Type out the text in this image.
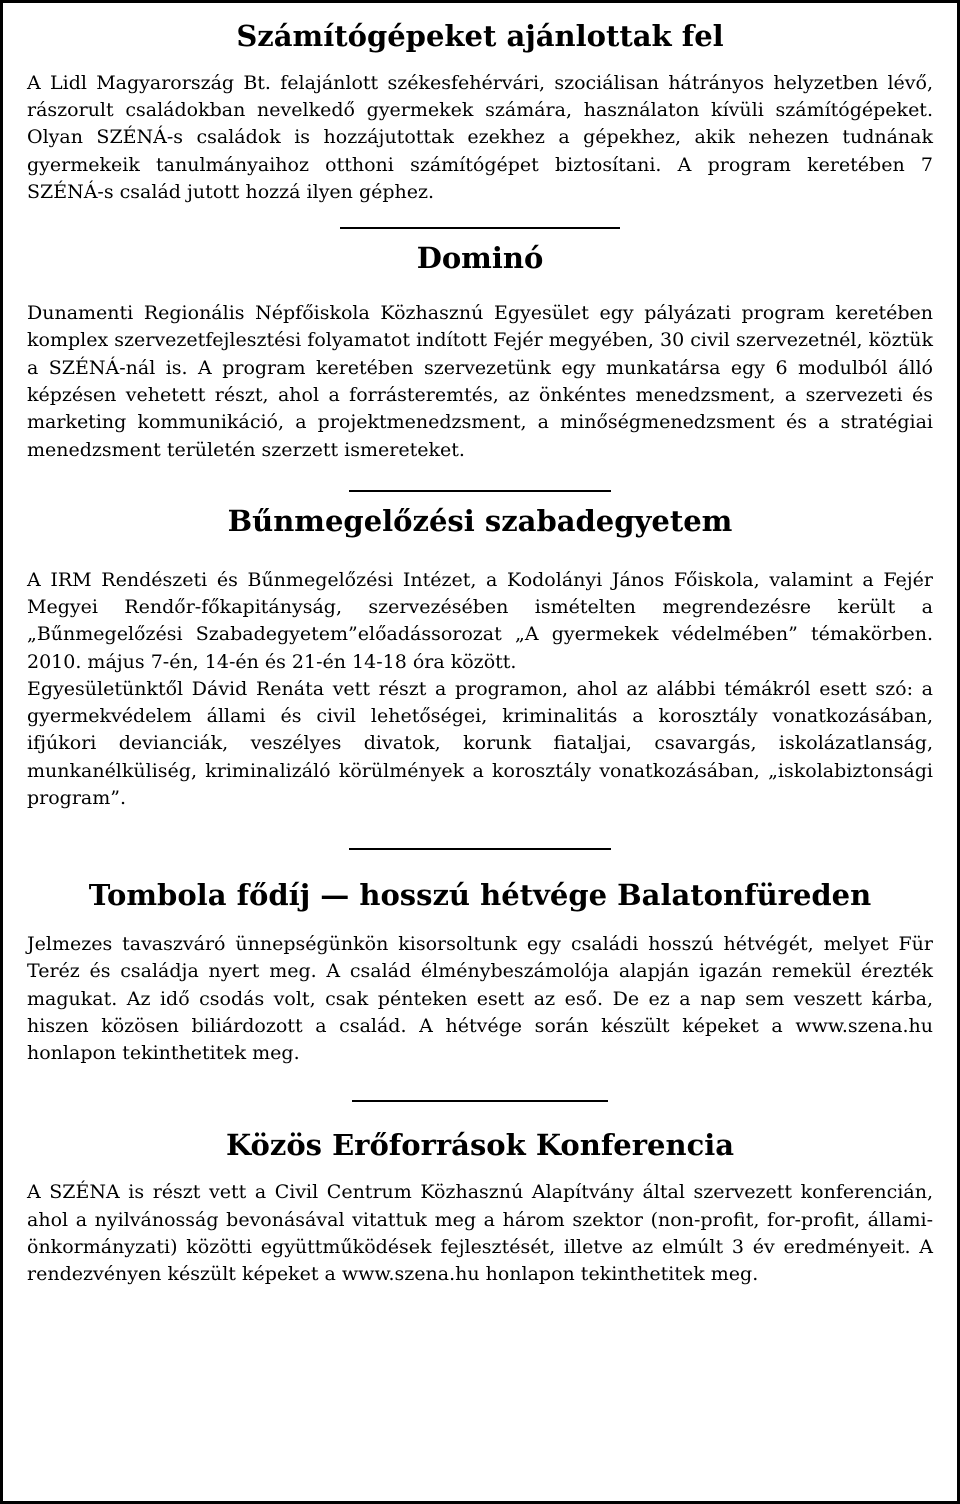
Számítógépeket ajánlottak fel

A Lidl Magyarország Bt. felajánlott székesfehérvári, szociálisan hátrányos helyzetben lévő, rászorult családokban nevelkedő gyermekek számára, használaton kívüli számítógépeket. Olyan SZÉNÁ-s családok is hozzájutottak ezekhez a gépekhez, akik nehezen tudnának gyermekeik tanulmányaihoz otthoni számítógépet biztosítani. A program keretében 7 SZÉNÁ-s család jutott hozzá ilyen géphez.

Dominó

Dunamenti Regionális Népfőiskola Közhasznú Egyesület egy pályázati program keretében komplex szervezetfejlesztési folyamatot indított Fejér megyében, 30 civil szervezetnél, köztük a SZÉNÁ-nál is. A program keretében szervezetünk egy munkatársa egy 6 modulból álló képzésen vehetett részt, ahol a forrásteremtés, az önkéntes menedzsment, a szervezeti és marketing kommunikáció, a projektmenedzsment, a minőségmenedzsment és a stratégiai menedzsment területén szerzett ismereteket.

Bűnmegelőzési szabadegyetem

A IRM Rendészeti és Bűnmegelőzési Intézet, a Kodolányi János Főiskola, valamint a Fejér Megyei Rendőr-főkapitányság, szervezésében ismételten megrendezésre került a „Bűnmegelőzési Szabadegyetem”előadássorozat „A gyermekek védelmében” témakörben. 2010. május 7-én, 14-én és 21-én 14-18 óra között.

Egyesületünktől Dávid Renáta vett részt a programon, ahol az alábbi témákról esett szó: a gyermekvédelem állami és civil lehetőségei, kriminalitás a korosztály vonatkozásában, ifjúkori devianciák, veszélyes divatok, korunk fiataljai, csavargás, iskolázatlanság, munkanélküliség, kriminalizáló körülmények a korosztály vonatkozásában, „iskolabiztonsági program”.

Tombola fődíj — hosszú hétvége Balatonfüreden

Jelmezes tavaszváró ünnepségünkön kisorsoltunk egy családi hosszú hétvégét, melyet Für Teréz és családja nyert meg. A család élménybeszámolója alapján igazán remekül érezték magukat. Az idő csodás volt, csak pénteken esett az eső. De ez a nap sem veszett kárba, hiszen közösen biliárdozott a család. A hétvége során készült képeket a www.szena.hu honlapon tekinthetitek meg.

Közös Erőforrások Konferencia

A SZÉNA is részt vett a Civil Centrum Közhasznú Alapítvány által szervezett konferencián, ahol a nyilvánosság bevonásával vitattuk meg a három szektor (non-profit, for-profit, állami-önkormányzati) közötti együttműködések fejlesztését, illetve az elmúlt 3 év eredményeit. A rendezvényen készült képeket a www.szena.hu honlapon tekinthetitek meg.
